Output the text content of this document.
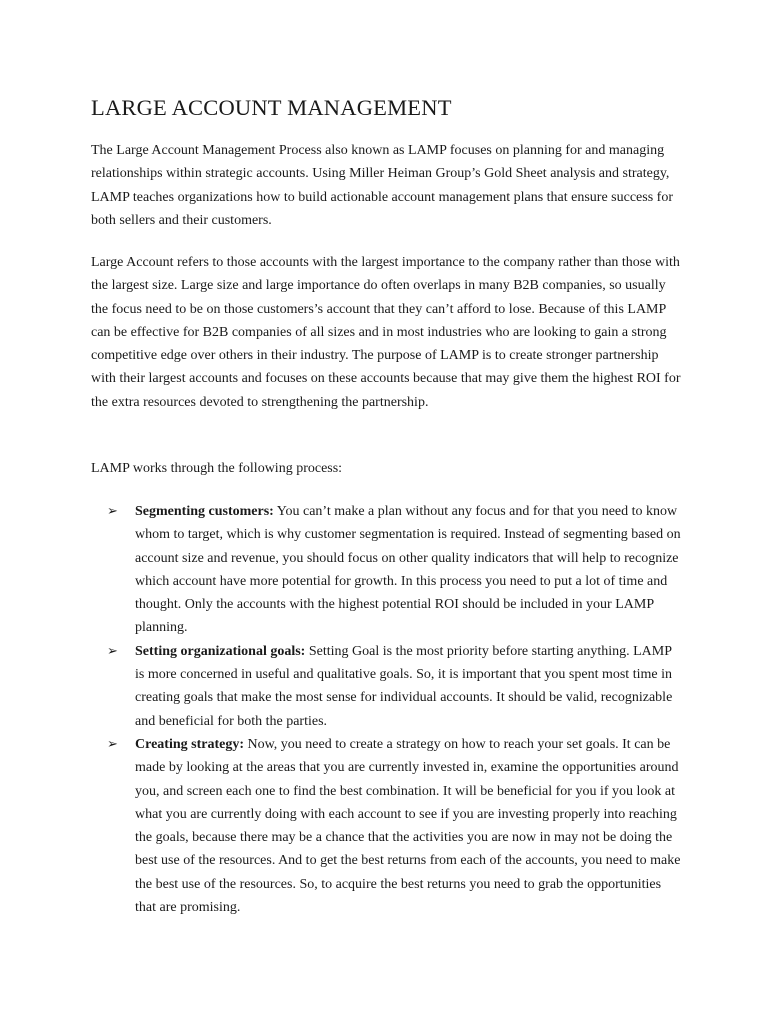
LARGE ACCOUNT MANAGEMENT

The Large Account Management Process also known as LAMP focuses on planning for and managing relationships within strategic accounts. Using Miller Heiman Group’s Gold Sheet analysis and strategy, LAMP teaches organizations how to build actionable account management plans that ensure success for both sellers and their customers.

Large Account refers to those accounts with the largest importance to the company rather than those with the largest size. Large size and large importance do often overlaps in many B2B companies, so usually the focus need to be on those customers’s account that they can’t afford to lose. Because of this LAMP can be effective for B2B companies of all sizes and in most industries who are looking to gain a strong competitive edge over others in their industry. The purpose of LAMP is to create stronger partnership with their largest accounts and focuses on these accounts because that may give them the highest ROI for the extra resources devoted to strengthening the partnership.

LAMP works through the following process:

➢ Segmenting customers: You can’t make a plan without any focus and for that you need to know whom to target, which is why customer segmentation is required. Instead of segmenting based on account size and revenue, you should focus on other quality indicators that will help to recognize which account have more potential for growth. In this process you need to put a lot of time and thought. Only the accounts with the highest potential ROI should be included in your LAMP planning.
➢ Setting organizational goals: Setting Goal is the most priority before starting anything. LAMP is more concerned in useful and qualitative goals. So, it is important that you spent most time in creating goals that make the most sense for individual accounts. It should be valid, recognizable and beneficial for both the parties.
➢ Creating strategy: Now, you need to create a strategy on how to reach your set goals. It can be made by looking at the areas that you are currently invested in, examine the opportunities around you, and screen each one to find the best combination. It will be beneficial for you if you look at what you are currently doing with each account to see if you are investing properly into reaching the goals, because there may be a chance that the activities you are now in may not be doing the best use of the resources. And to get the best returns from each of the accounts, you need to make the best use of the resources. So, to acquire the best returns you need to grab the opportunities that are promising.
